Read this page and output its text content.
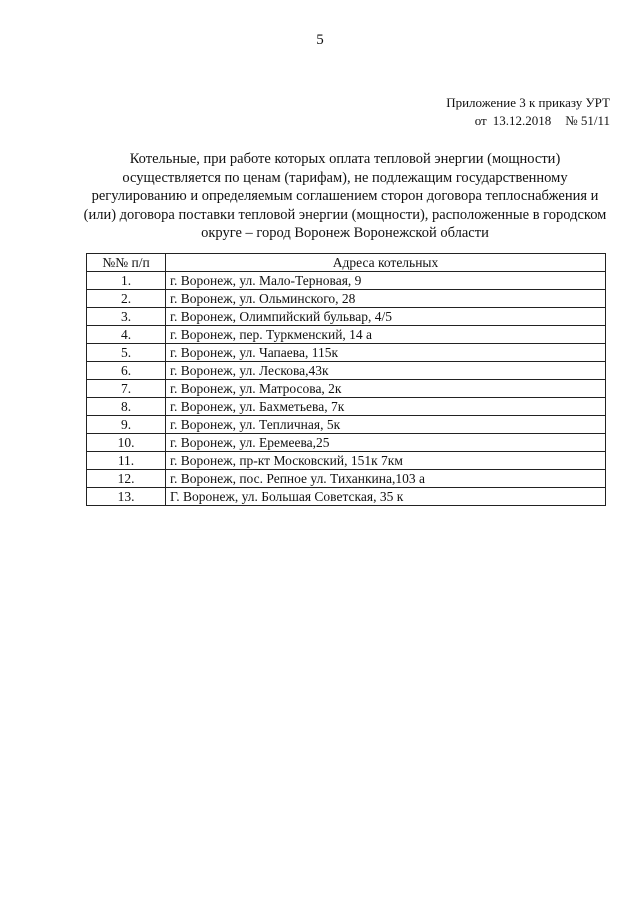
5
Приложение 3 к приказу УРТ
от 13.12.2018 № 51/11
Котельные, при работе которых оплата тепловой энергии (мощности) осуществляется по ценам (тарифам), не подлежащим государственному регулированию и определяемым соглашением сторон договора теплоснабжения и (или) договора поставки тепловой энергии (мощности), расположенные в городском округе – город Воронеж Воронежской области
№№ п/п	Адреса котельных
1.	г. Воронеж, ул. Мало-Терновая, 9
2.	г. Воронеж, ул. Ольминского, 28
3.	г. Воронеж, Олимпийский бульвар, 4/5
4.	г. Воронеж, пер. Туркменский, 14 а
5.	г. Воронеж, ул. Чапаева, 115к
6.	г. Воронеж, ул. Лескова,43к
7.	г. Воронеж, ул. Матросова, 2к
8.	г. Воронеж, ул. Бахметьева, 7к
9.	г. Воронеж, ул. Тепличная, 5к
10.	г. Воронеж, ул. Еремеева,25
11.	г. Воронеж, пр-кт Московский, 151к 7км
12.	г. Воронеж, пос. Репное ул. Тиханкина,103 а
13.	Г. Воронеж, ул. Большая Советская, 35 к
